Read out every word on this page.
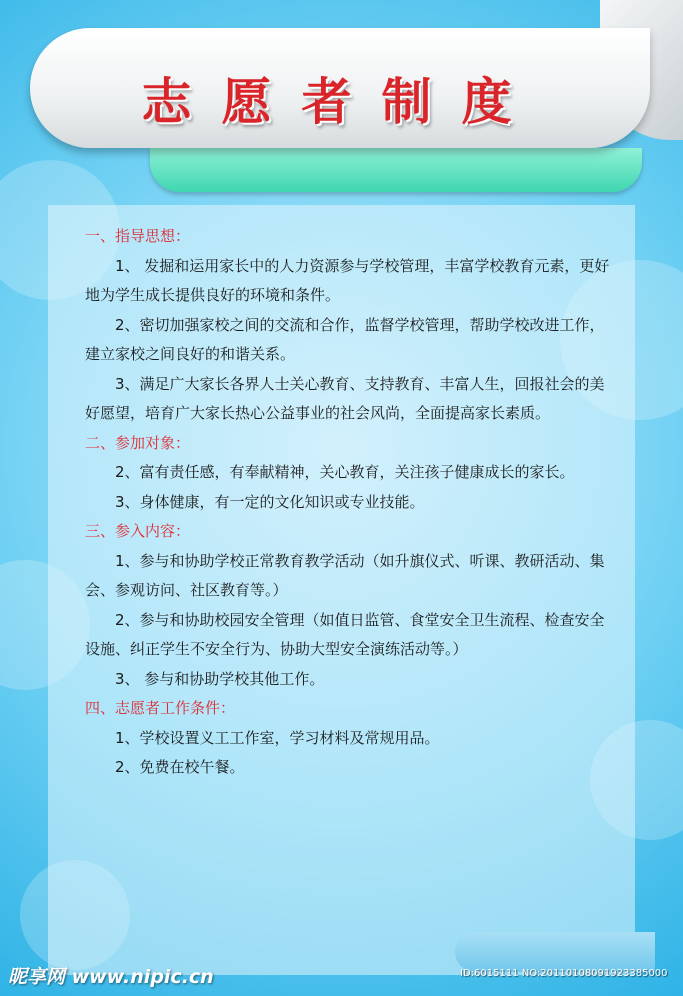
志愿者制度

一、指导思想：

1、 发掘和运用家长中的人力资源参与学校管理，丰富学校教育元素，更好地为学生成长提供良好的环境和条件。

2、密切加强家校之间的交流和合作，监督学校管理，帮助学校改进工作，建立家校之间良好的和谐关系。

3、满足广大家长各界人士关心教育、支持教育、丰富人生，回报社会的美好愿望，培育广大家长热心公益事业的社会风尚，全面提高家长素质。

二、参加对象：

2、富有责任感，有奉献精神，关心教育，关注孩子健康成长的家长。

3、身体健康，有一定的文化知识或专业技能。

三、参入内容：

1、参与和协助学校正常教育教学活动（如升旗仪式、听课、教研活动、集会、参观访问、社区教育等。）

2、参与和协助校园安全管理（如值日监管、食堂安全卫生流程、检查安全设施、纠正学生不安全行为、协助大型安全演练活动等。）

3、 参与和协助学校其他工作。

四、志愿者工作条件：

1、学校设置义工工作室，学习材料及常规用品。

2、免费在校午餐。

昵享网 www.nipic.cn	ID:6015111 NO:20110108091923385000
